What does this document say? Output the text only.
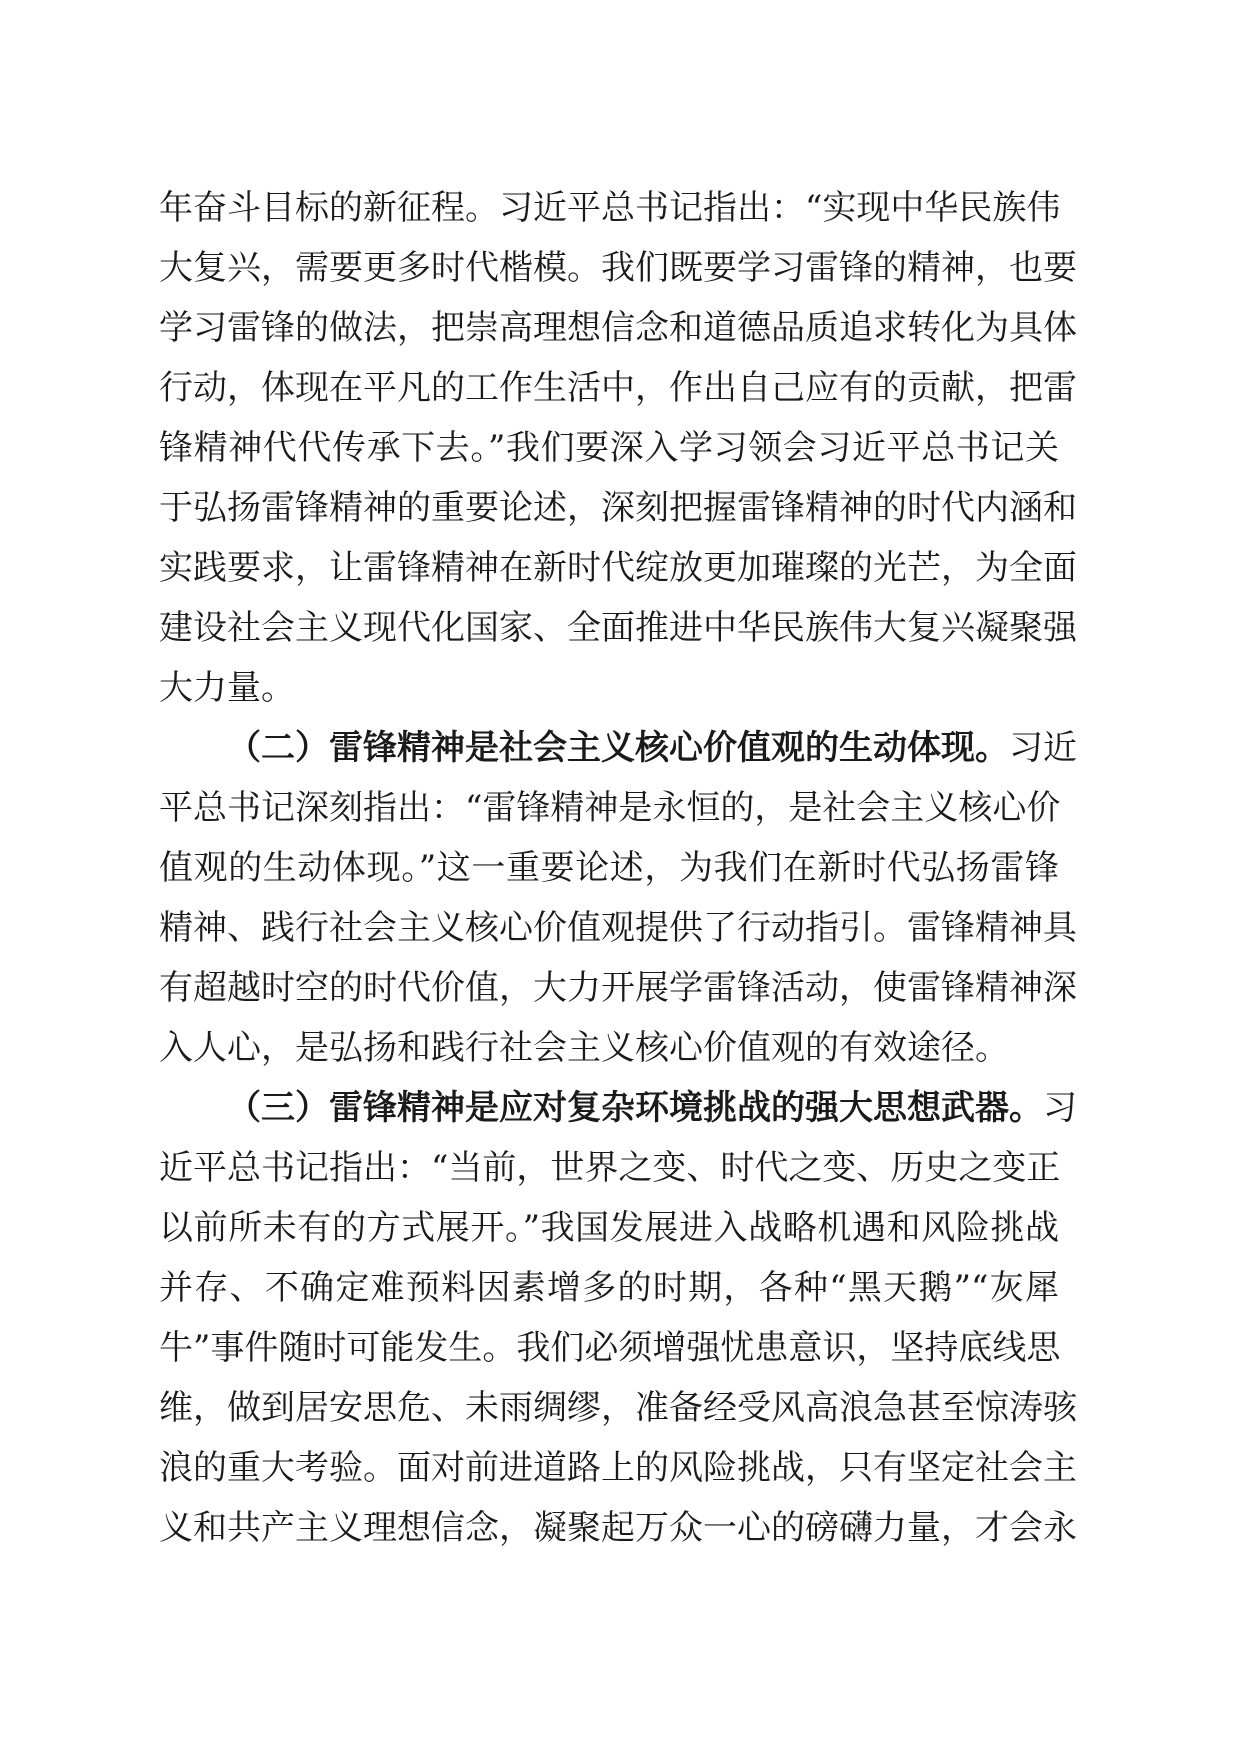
年奋斗目标的新征程。习近平总书记指出：“实现中华民族伟
大复兴，需要更多时代楷模。我们既要学习雷锋的精神，也要
学习雷锋的做法，把崇高理想信念和道德品质追求转化为具体
行动，体现在平凡的工作生活中，作出自己应有的贡献，把雷
锋精神代代传承下去。”我们要深入学习领会习近平总书记关
于弘扬雷锋精神的重要论述，深刻把握雷锋精神的时代内涵和
实践要求，让雷锋精神在新时代绽放更加璀璨的光芒，为全面
建设社会主义现代化国家、全面推进中华民族伟大复兴凝聚强
大力量。
（二）雷锋精神是社会主义核心价值观的生动体现。习近
平总书记深刻指出：“雷锋精神是永恒的，是社会主义核心价
值观的生动体现。”这一重要论述，为我们在新时代弘扬雷锋
精神、践行社会主义核心价值观提供了行动指引。雷锋精神具
有超越时空的时代价值，大力开展学雷锋活动，使雷锋精神深
入人心，是弘扬和践行社会主义核心价值观的有效途径。
（三）雷锋精神是应对复杂环境挑战的强大思想武器。习
近平总书记指出：“当前，世界之变、时代之变、历史之变正
以前所未有的方式展开。”我国发展进入战略机遇和风险挑战
并存、不确定难预料因素增多的时期，各种“黑天鹅”“灰犀
牛”事件随时可能发生。我们必须增强忧患意识，坚持底线思
维，做到居安思危、未雨绸缪，准备经受风高浪急甚至惊涛骇
浪的重大考验。面对前进道路上的风险挑战，只有坚定社会主
义和共产主义理想信念，凝聚起万众一心的磅礴力量，才会永
